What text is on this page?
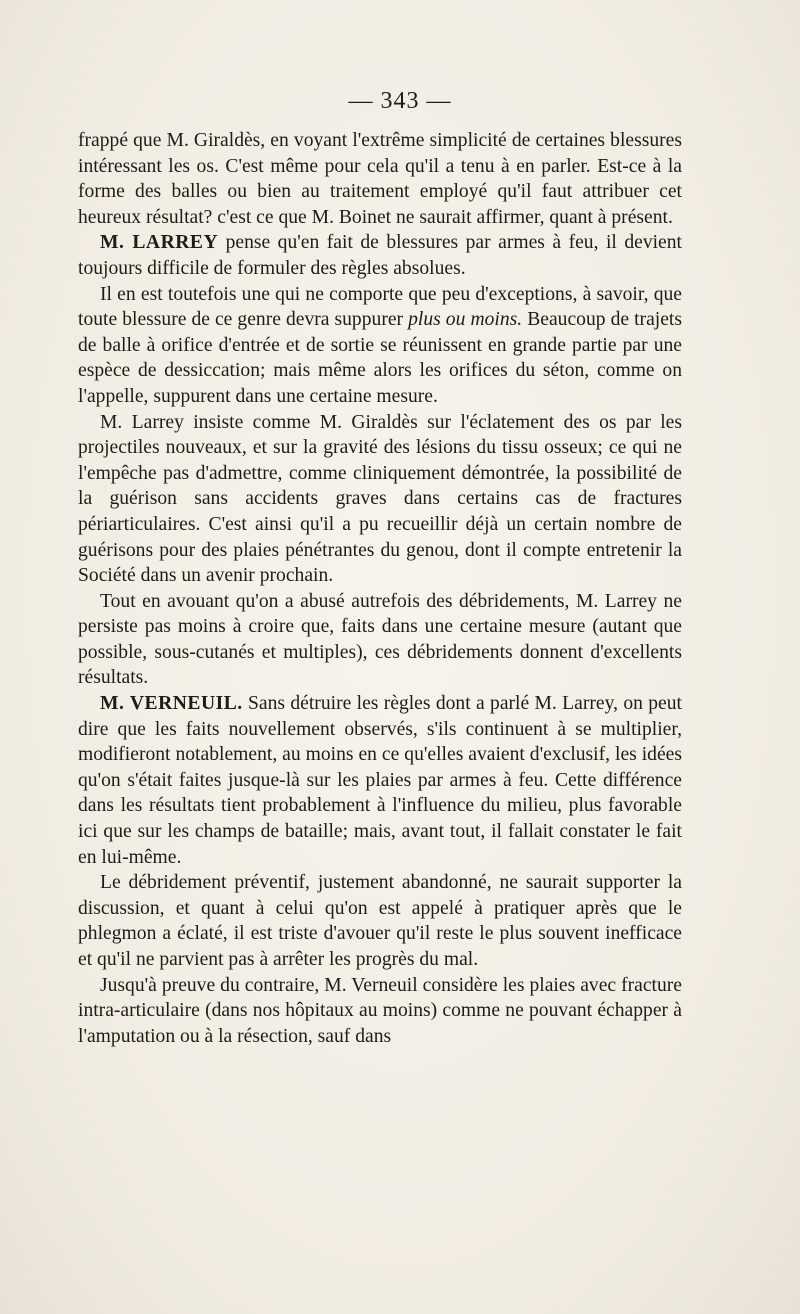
— 343 —

frappé que M. Giraldès, en voyant l'extrême simplicité de certaines blessures intéressant les os. C'est même pour cela qu'il a tenu à en parler. Est-ce à la forme des balles ou bien au traitement employé qu'il faut attribuer cet heureux résultat? c'est ce que M. Boinet ne saurait affirmer, quant à présent.

M. LARREY pense qu'en fait de blessures par armes à feu, il devient toujours difficile de formuler des règles absolues.

Il en est toutefois une qui ne comporte que peu d'exceptions, à savoir, que toute blessure de ce genre devra suppurer plus ou moins. Beaucoup de trajets de balle à orifice d'entrée et de sortie se réunissent en grande partie par une espèce de dessiccation; mais même alors les orifices du séton, comme on l'appelle, suppurent dans une certaine mesure.

M. Larrey insiste comme M. Giraldès sur l'éclatement des os par les projectiles nouveaux, et sur la gravité des lésions du tissu osseux; ce qui ne l'empêche pas d'admettre, comme cliniquement démontrée, la possibilité de la guérison sans accidents graves dans certains cas de fractures périarticulaires. C'est ainsi qu'il a pu recueillir déjà un certain nombre de guérisons pour des plaies pénétrantes du genou, dont il compte entretenir la Société dans un avenir prochain.

Tout en avouant qu'on a abusé autrefois des débridements, M. Larrey ne persiste pas moins à croire que, faits dans une certaine mesure (autant que possible, sous-cutanés et multiples), ces débridements donnent d'excellents résultats.

M. VERNEUIL. Sans détruire les règles dont a parlé M. Larrey, on peut dire que les faits nouvellement observés, s'ils continuent à se multiplier, modifieront notablement, au moins en ce qu'elles avaient d'exclusif, les idées qu'on s'était faites jusque-là sur les plaies par armes à feu. Cette différence dans les résultats tient probablement à l'influence du milieu, plus favorable ici que sur les champs de bataille; mais, avant tout, il fallait constater le fait en lui-même.

Le débridement préventif, justement abandonné, ne saurait supporter la discussion, et quant à celui qu'on est appelé à pratiquer après que le phlegmon a éclaté, il est triste d'avouer qu'il reste le plus souvent inefficace et qu'il ne parvient pas à arrêter les progrès du mal.

Jusqu'à preuve du contraire, M. Verneuil considère les plaies avec fracture intra-articulaire (dans nos hôpitaux au moins) comme ne pouvant échapper à l'amputation ou à la résection, sauf dans
